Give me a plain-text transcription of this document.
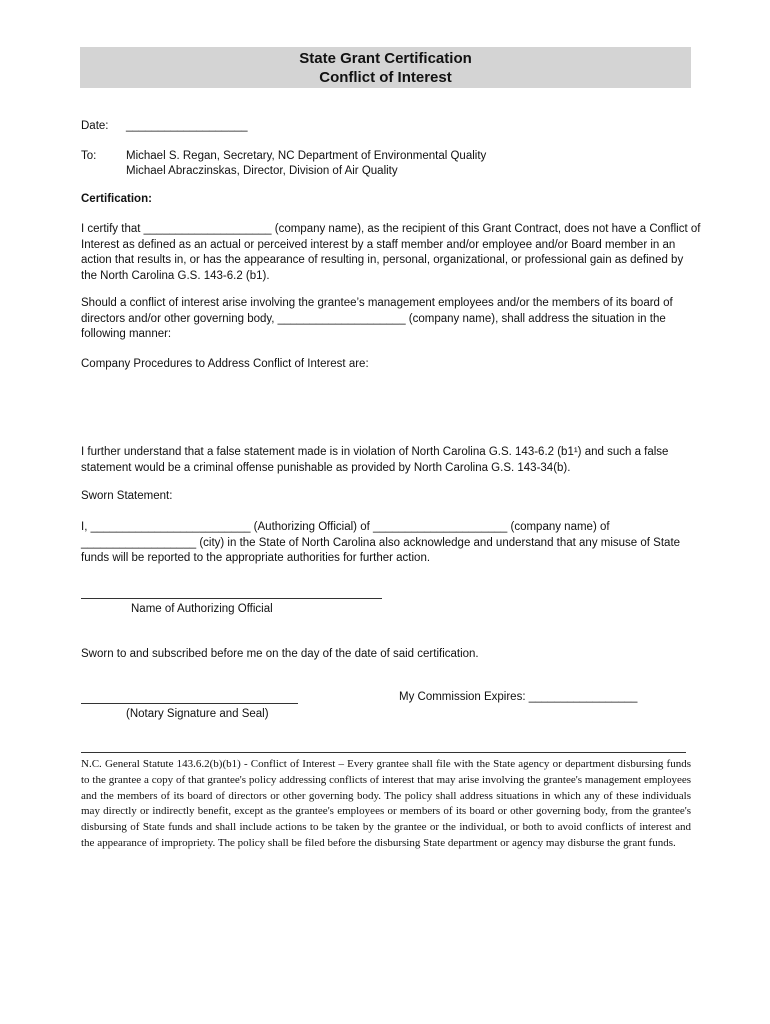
State Grant Certification
Conflict of Interest
Date: ___________________
To:	Michael S. Regan, Secretary, NC Department of Environmental Quality
Michael Abraczinskas, Director, Division of Air Quality
Certification:
I certify that ____________________ (company name), as the recipient of this Grant Contract, does not have a Conflict of Interest as defined as an actual or perceived interest by a staff member and/or employee and/or Board member in an action that results in, or has the appearance of resulting in, personal, organizational, or professional gain as defined by the North Carolina G.S. 143-6.2 (b1).
Should a conflict of interest arise involving the grantee’s management employees and/or the members of its board of directors and/or other governing body, ____________________ (company name), shall address the situation in the following manner:
Company Procedures to Address Conflict of Interest are:
I further understand that a false statement made is in violation of North Carolina G.S. 143-6.2 (b1¹) and such a false statement would be a criminal offense punishable as provided by North Carolina G.S. 143-34(b).
Sworn Statement:
I, _________________________ (Authorizing Official) of _____________________ (company name) of __________________ (city) in the State of North Carolina also acknowledge and understand that any misuse of State funds will be reported to the appropriate authorities for further action.
Name of Authorizing Official
Sworn to and subscribed before me on the day of the date of said certification.
(Notary Signature and Seal)
My Commission Expires: _________________
N.C. General Statute 143.6.2(b)(b1) - Conflict of Interest – Every grantee shall file with the State agency or department disbursing funds to the grantee a copy of that grantee's policy addressing conflicts of interest that may arise involving the grantee's management employees and the members of its board of directors or other governing body. The policy shall address situations in which any of these individuals may directly or indirectly benefit, except as the grantee's employees or members of its board or other governing body, from the grantee's disbursing of State funds and shall include actions to be taken by the grantee or the individual, or both to avoid conflicts of interest and the appearance of impropriety. The policy shall be filed before the disbursing State department or agency may disburse the grant funds.
